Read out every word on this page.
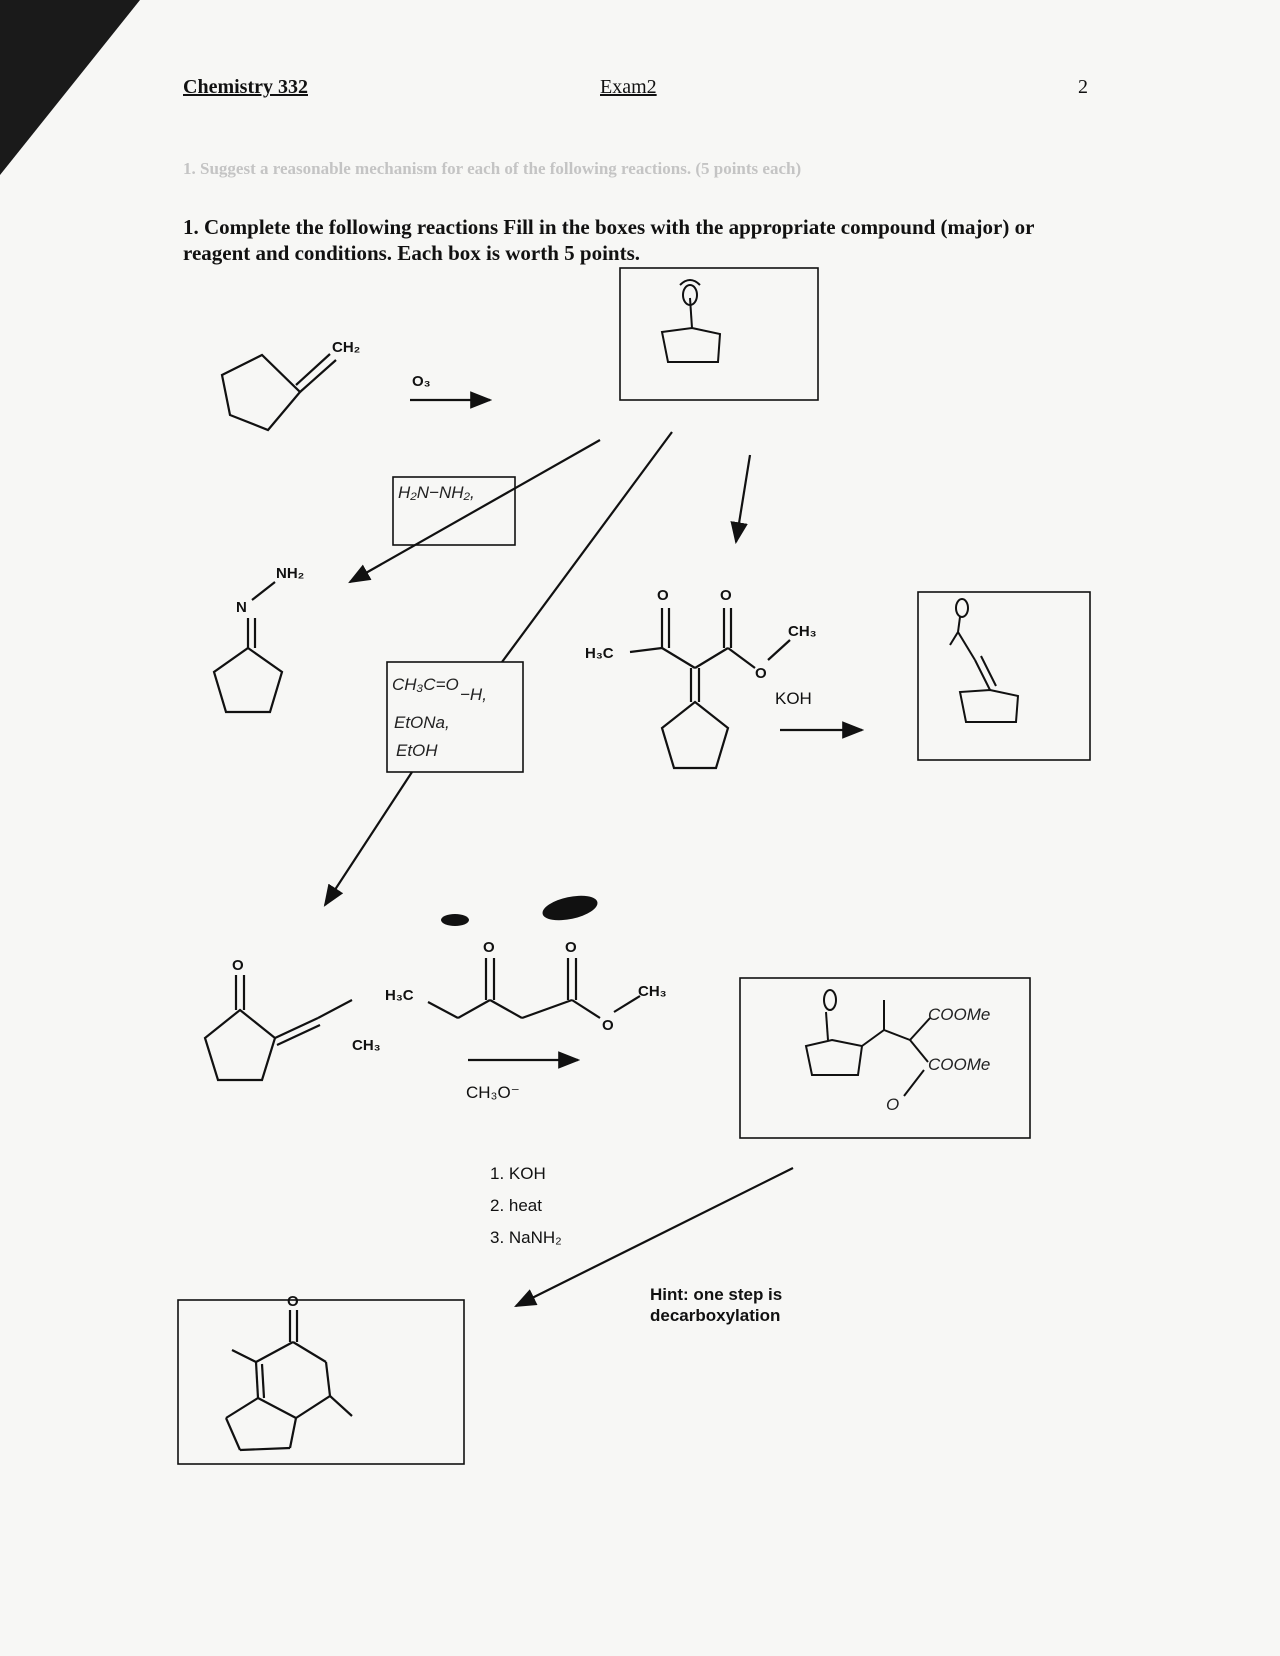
Chemistry 332	Exam2	2
1. Suggest a reasonable mechanism for each of the following reactions. (5 points each)
1. Complete the following reactions Fill in the boxes with the appropriate compound (major) or reagent and conditions. Each box is worth 5 points.
CH₂
O₃
NH₂
N
H₃C
O	O
O
CH₃
KOH
O
CH₃
H₃C
O	O
O
CH₃
CH₃O⁻
O
H₂N−NH₂,
CH₃C=O
−H,
EtONa,
EtOH
COOMe
COOMe
O
1. KOH
2. heat
3. NaNH₂
Hint: one step is decarboxylation
